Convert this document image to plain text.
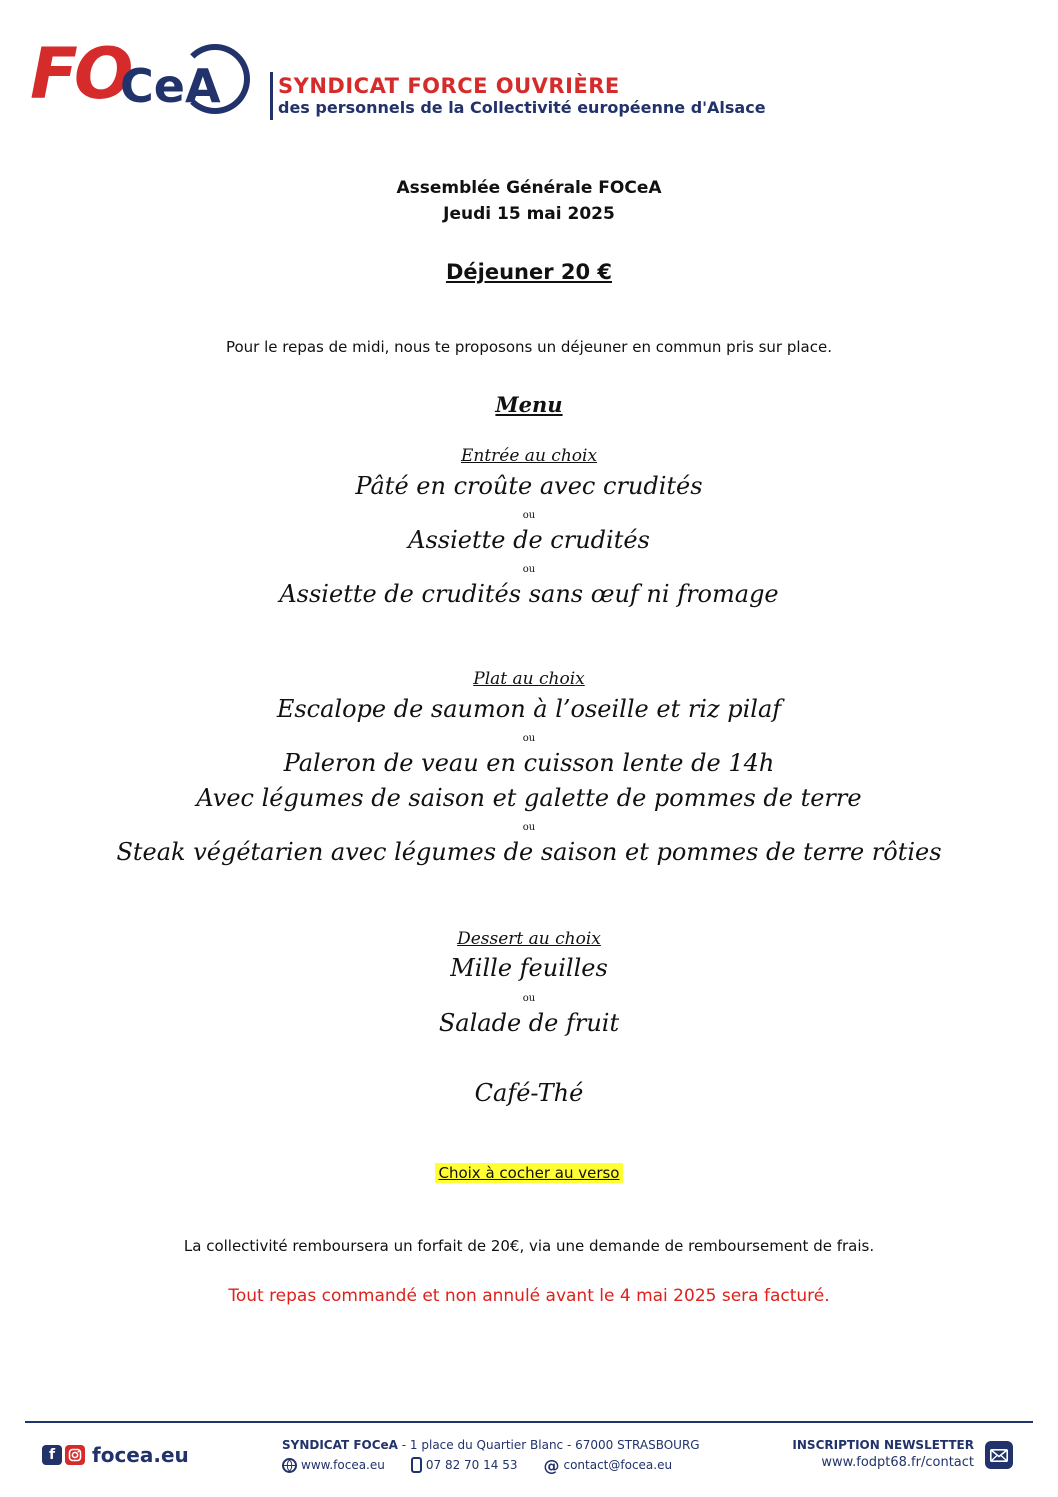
FO
CeA	SYNDICAT FORCE OUVRIÈRE
des personnels de la Collectivité européenne d'Alsace
Assemblée Générale FOCeA
Jeudi 15 mai 2025
Déjeuner 20 €
Pour le repas de midi, nous te proposons un déjeuner en commun pris sur place.
Menu
Entrée au choix
Pâté en croûte avec crudités
ou
Assiette de crudités
ou
Assiette de crudités sans œuf ni fromage
Plat au choix
Escalope de saumon à l’oseille et riz pilaf
ou
Paleron de veau en cuisson lente de 14h
Avec légumes de saison et galette de pommes de terre
ou
Steak végétarien avec légumes de saison et pommes de terre rôties
Dessert au choix
Mille feuilles
ou
Salade de fruit
Café-Thé
Choix à cocher au verso
La collectivité remboursera un forfait de 20€, via une demande de remboursement de frais.
Tout repas commandé et non annulé avant le 4 mai 2025 sera facturé.
f	focea.eu	SYNDICAT FOCeA - 1 place du Quartier Blanc - 67000 STRASBOURG
www.focea.eu	07 82 70 14 53 @ contact@focea.eu
INSCRIPTION NEWSLETTER
www.fodpt68.fr/contact
